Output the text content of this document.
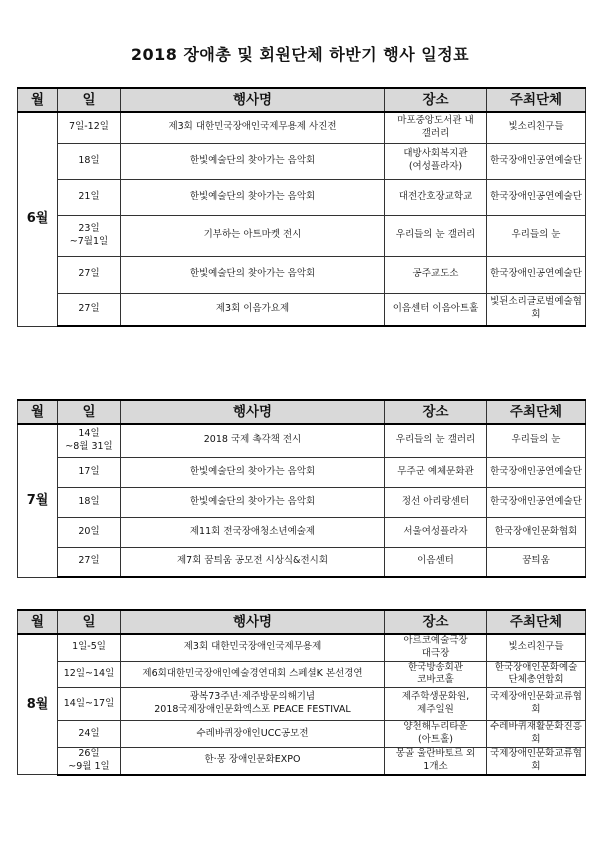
2018 장애총 및 회원단체 하반기 행사 일정표
월	일	행사명	장소	주최단체
6월	7일-12일	제3회 대한민국장애인국제무용제 사진전	마포중앙도서관 내
갤러리	빛소리친구들

	18일	한빛예술단의 찾아가는 음악회	대방사회복지관
(여성플라자)	한국장애인공연예술단

	21일	한빛예술단의 찾아가는 음악회	대전간호장교학교	한국장애인공연예술단

	23일
~7월1일	기부하는 아트마켓 전시	우리들의 눈 갤러리	우리들의 눈

	27일	한빛예술단의 찾아가는 음악회	공주교도소	한국장애인공연예술단

	27일	제3회 이음가요제	이음센터 이음아트홀	빛된소리글로벌예술협회
월	일	행사명	장소	주최단체
7월	14일
~8월 31일	2018 국제 촉각책 전시	우리들의 눈 갤러리	우리들의 눈

	17일	한빛예술단의 찾아가는 음악회	무주군 예체문화관	한국장애인공연예술단

	18일	한빛예술단의 찾아가는 음악회	정선 아리랑센터	한국장애인공연예술단

	20일	제11회 전국장애청소년예술제	서울여성플라자	한국장애인문화협회

	27일	제7회 꿈틔움 공모전 시상식&전시회	이음센터	꿈틔움
월	일	행사명	장소	주최단체
8월	1일-5일	제3회 대한민국장애인국제무용제	아르코예술극장
대극장	빛소리친구들

	12일~14일	제6회대한민국장애인예술경연대회 스페셜K 본선경연	한국방송회관
코바코홀	한국장애인문화예술
단체총연합회

	14일~17일	광복73주년·제주방문의해기념
2018국제장애인문화엑스포 PEACE FESTIVAL	제주학생문화원,
제주일원	국제장애인문화교류협회

	24일	수레바퀴장애인UCC공모전	양천해누리타운
(아트홀)	수레바퀴재활문화진흥회

	26일
~9월 1일	한·몽 장애인문화EXPO	몽골 울란바토르 외
1개소	국제장애인문화교류협회
